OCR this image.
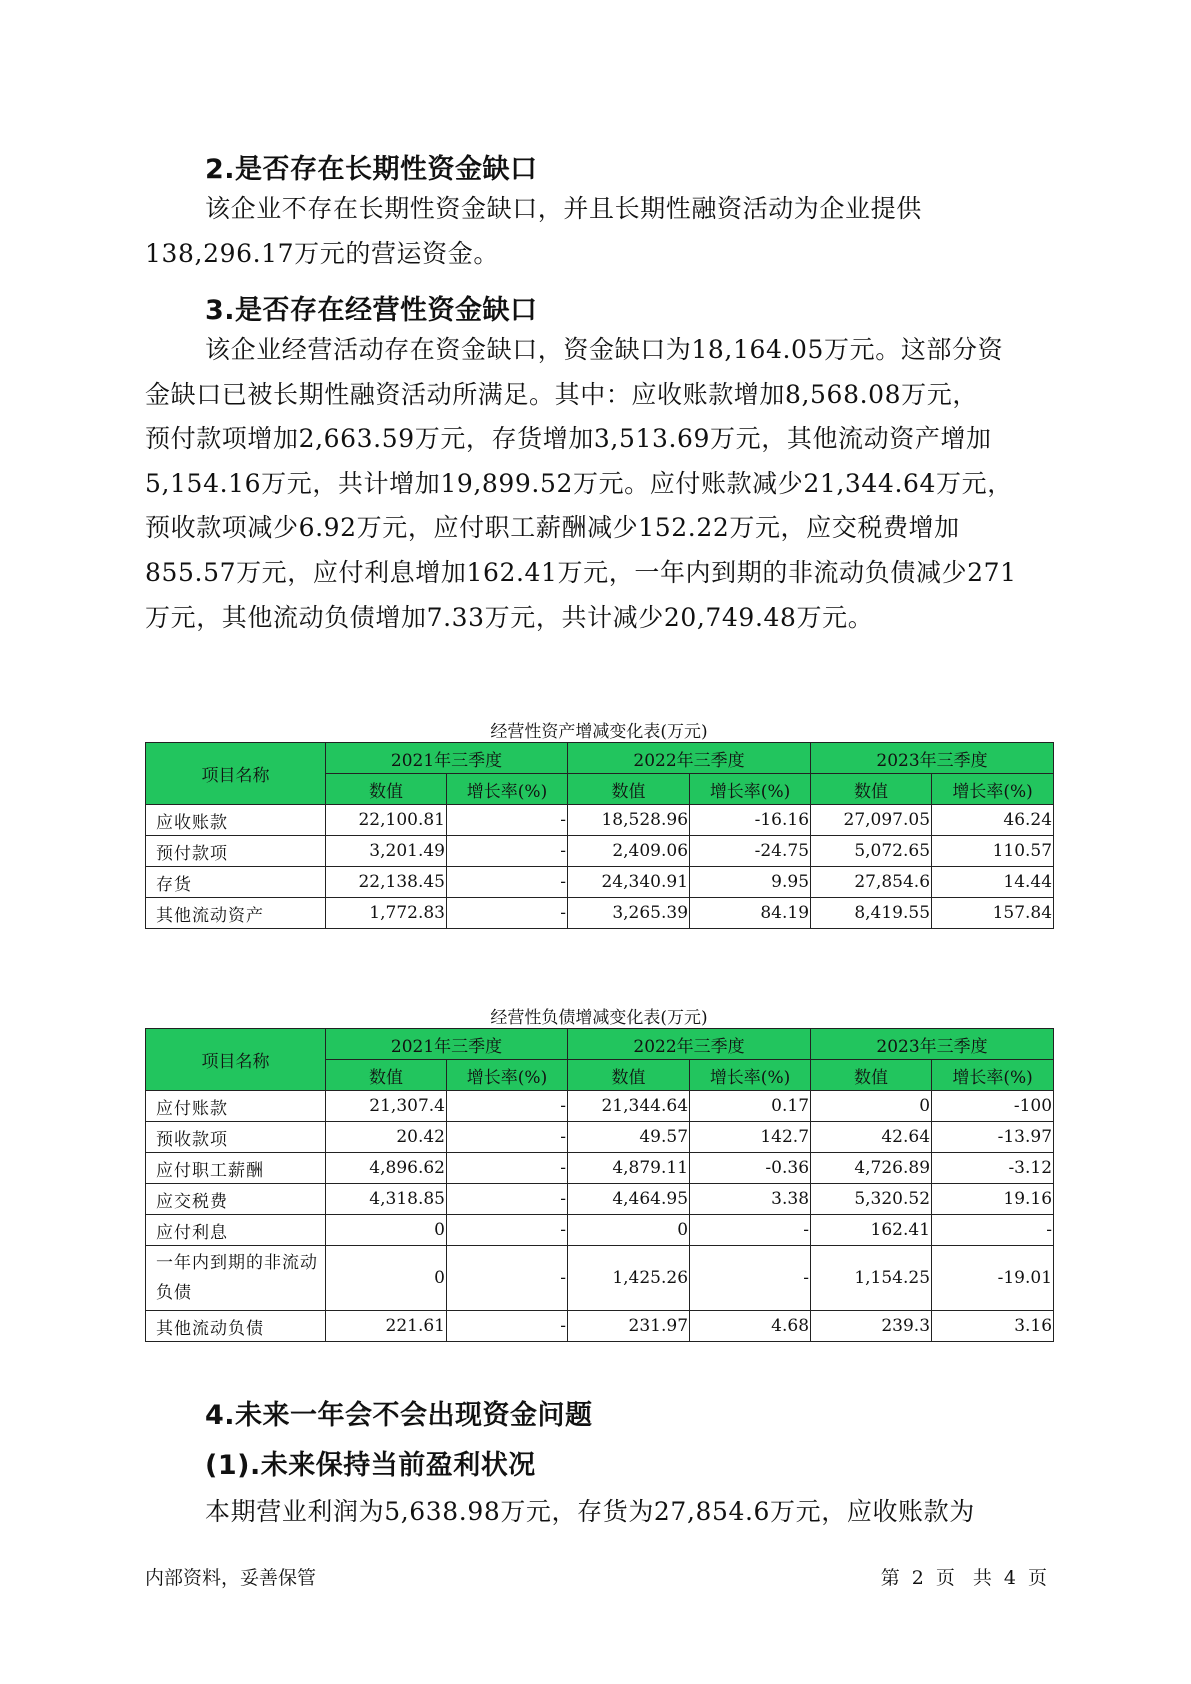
2.是否存在长期性资金缺口
该企业不存在长期性资金缺口，并且长期性融资活动为企业提供
138,296.17万元的营运资金。
3.是否存在经营性资金缺口
该企业经营活动存在资金缺口，资金缺口为18,164.05万元。这部分资
金缺口已被长期性融资活动所满足。其中：应收账款增加8,568.08万元，
预付款项增加2,663.59万元，存货增加3,513.69万元，其他流动资产增加
5,154.16万元，共计增加19,899.52万元。应付账款减少21,344.64万元，
预收款项减少6.92万元，应付职工薪酬减少152.22万元，应交税费增加
855.57万元，应付利息增加162.41万元，一年内到期的非流动负债减少271
万元，其他流动负债增加7.33万元，共计减少20,749.48万元。
经营性资产增减变化表(万元)
项目名称	2021年三季度		2022年三季度		2023年三季度	
	数值	增长率(%)	数值	增长率(%)	数值	增长率(%)
应收账款	22,100.81	-	18,528.96	-16.16	27,097.05	46.24
预付款项	3,201.49	-	2,409.06	-24.75	5,072.65	110.57
存货	22,138.45	-	24,340.91	9.95	27,854.6	14.44
其他流动资产	1,772.83	-	3,265.39	84.19	8,419.55	157.84
经营性负债增减变化表(万元)
项目名称	2021年三季度		2022年三季度		2023年三季度	
	数值	增长率(%)	数值	增长率(%)	数值	增长率(%)
应付账款	21,307.4	-	21,344.64	0.17	0	-100
预收款项	20.42	-	49.57	142.7	42.64	-13.97
应付职工薪酬	4,896.62	-	4,879.11	-0.36	4,726.89	-3.12
应交税费	4,318.85	-	4,464.95	3.38	5,320.52	19.16
应付利息	0	-	0	-	162.41	-
一年内到期的非流动负债	0	-	1,425.26	-	1,154.25	-19.01
其他流动负债	221.61	-	231.97	4.68	239.3	3.16
4.未来一年会不会出现资金问题
(1).未来保持当前盈利状况
本期营业利润为5,638.98万元，存货为27,854.6万元，应收账款为
内部资料，妥善保管	第 2 页 共 4 页
